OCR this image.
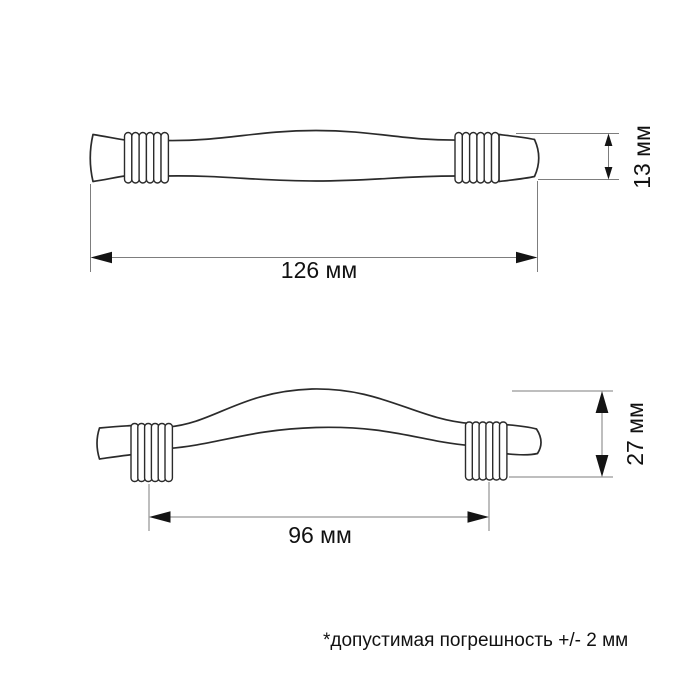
126 мм
13 мм
96 мм
27 мм
*допустимая погрешность +/- 2 мм
